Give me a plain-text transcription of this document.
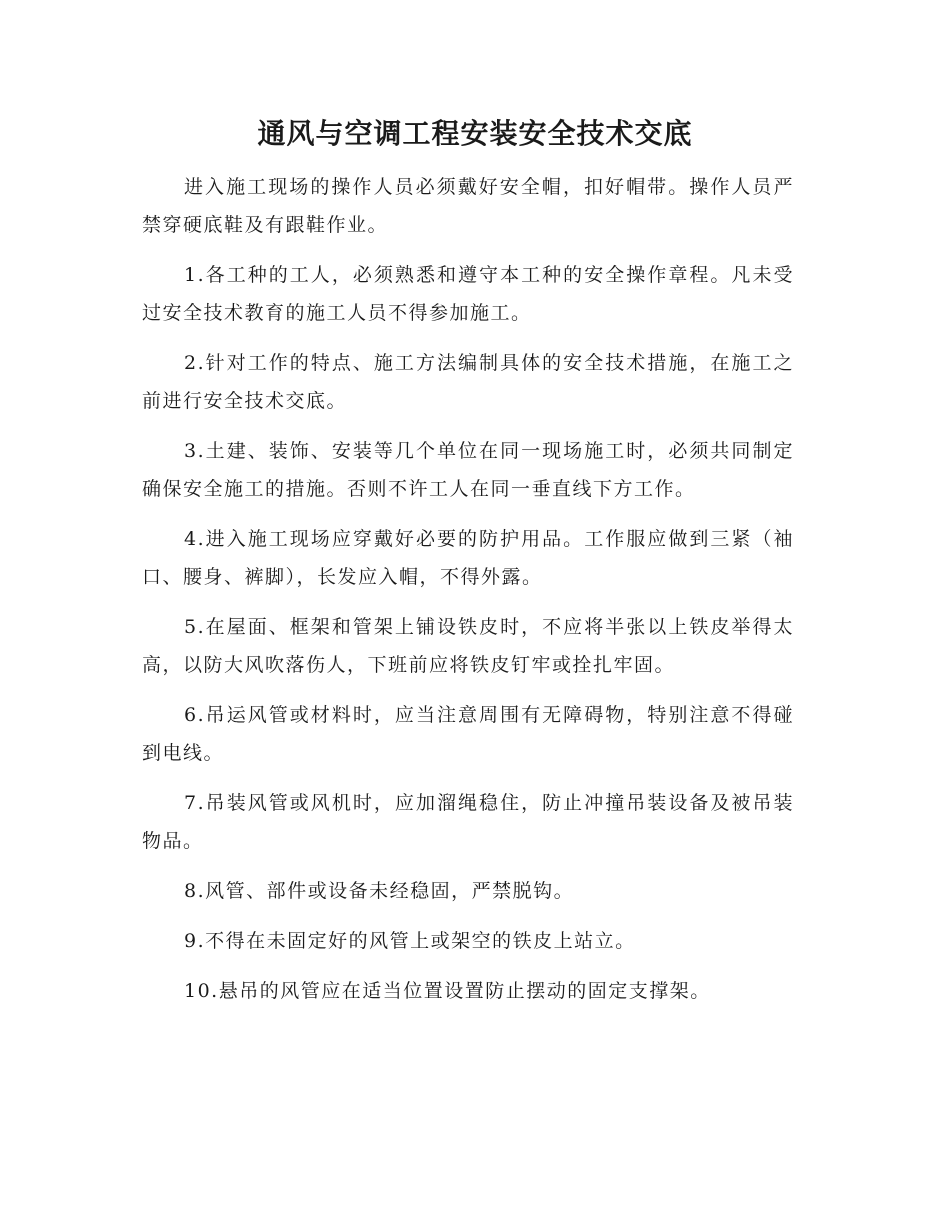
通风与空调工程安装安全技术交底

进入施工现场的操作人员必须戴好安全帽，扣好帽带。操作人员严禁穿硬底鞋及有跟鞋作业。

1.各工种的工人，必须熟悉和遵守本工种的安全操作章程。凡未受过安全技术教育的施工人员不得参加施工。

2.针对工作的特点、施工方法编制具体的安全技术措施，在施工之前进行安全技术交底。

3.土建、装饰、安装等几个单位在同一现场施工时，必须共同制定确保安全施工的措施。否则不许工人在同一垂直线下方工作。

4.进入施工现场应穿戴好必要的防护用品。工作服应做到三紧（袖口、腰身、裤脚），长发应入帽，不得外露。

5.在屋面、框架和管架上铺设铁皮时，不应将半张以上铁皮举得太高，以防大风吹落伤人，下班前应将铁皮钉牢或拴扎牢固。

6.吊运风管或材料时，应当注意周围有无障碍物，特别注意不得碰到电线。

7.吊装风管或风机时，应加溜绳稳住，防止冲撞吊装设备及被吊装物品。

8.风管、部件或设备未经稳固，严禁脱钩。

9.不得在未固定好的风管上或架空的铁皮上站立。

10.悬吊的风管应在适当位置设置防止摆动的固定支撑架。
